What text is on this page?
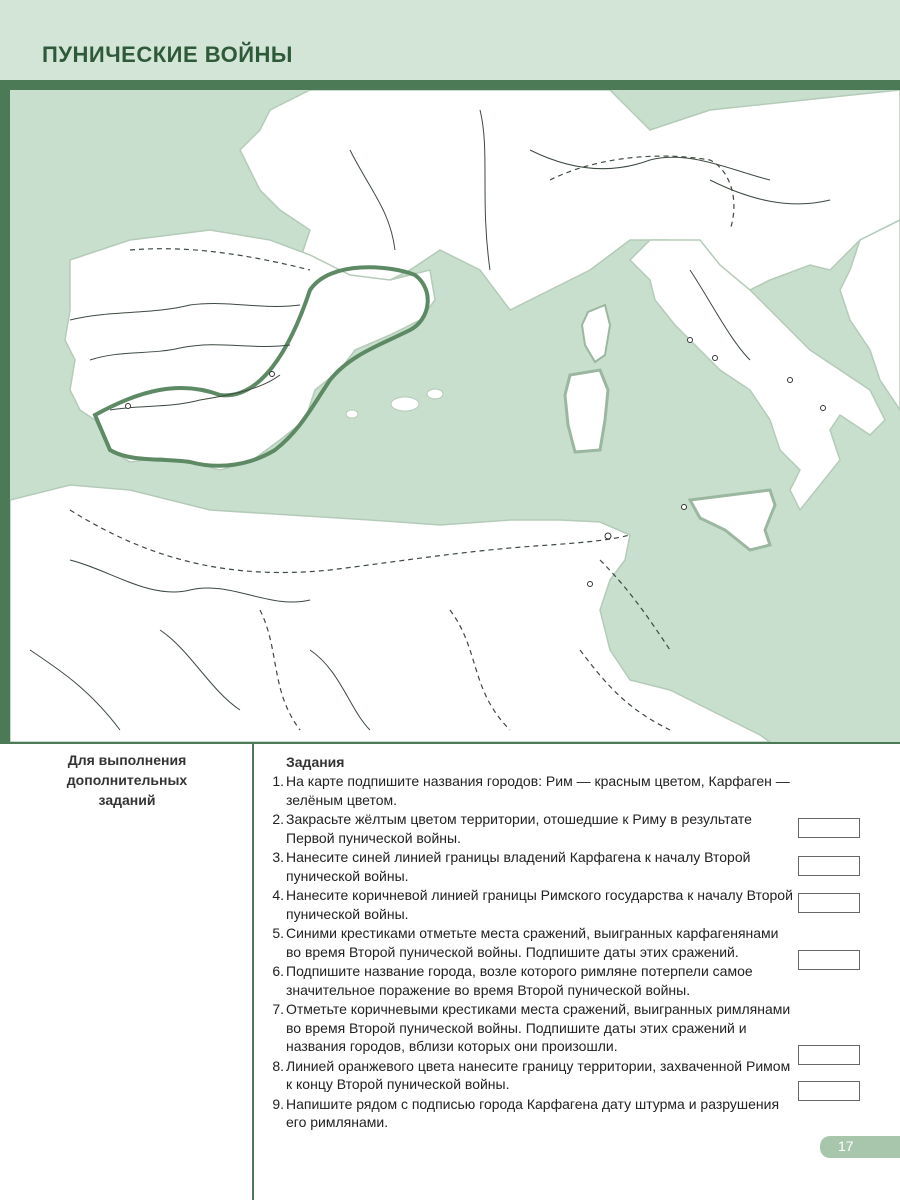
ПУНИЧЕСКИЕ ВОЙНЫ
Для выполнения
дополнительных
заданий
Задания
1. На карте подпишите названия городов: Рим — красным цветом, Карфаген — зелёным цветом.
2. Закрасьте жёлтым цветом территории, отошедшие к Риму в результате Первой пунической войны.
3. Нанесите синей линией границы владений Карфагена к началу Второй пунической войны.
4. Нанесите коричневой линией границы Римского государства к началу Второй пунической войны.
5. Синими крестиками отметьте места сражений, выигранных карфагенянами во время Второй пунической войны. Подпишите даты этих сражений.
6. Подпишите название города, возле которого римляне потерпели самое значительное поражение во время Второй пунической войны.
7. Отметьте коричневыми крестиками места сражений, выигранных римлянами во время Второй пунической войны. Подпишите даты этих сражений и названия городов, вблизи которых они произошли.
8. Линией оранжевого цвета нанесите границу территории, захваченной Римом к концу Второй пунической войны.
9. Напишите рядом с подписью города Карфагена дату штурма и разрушения его римлянами.
17
